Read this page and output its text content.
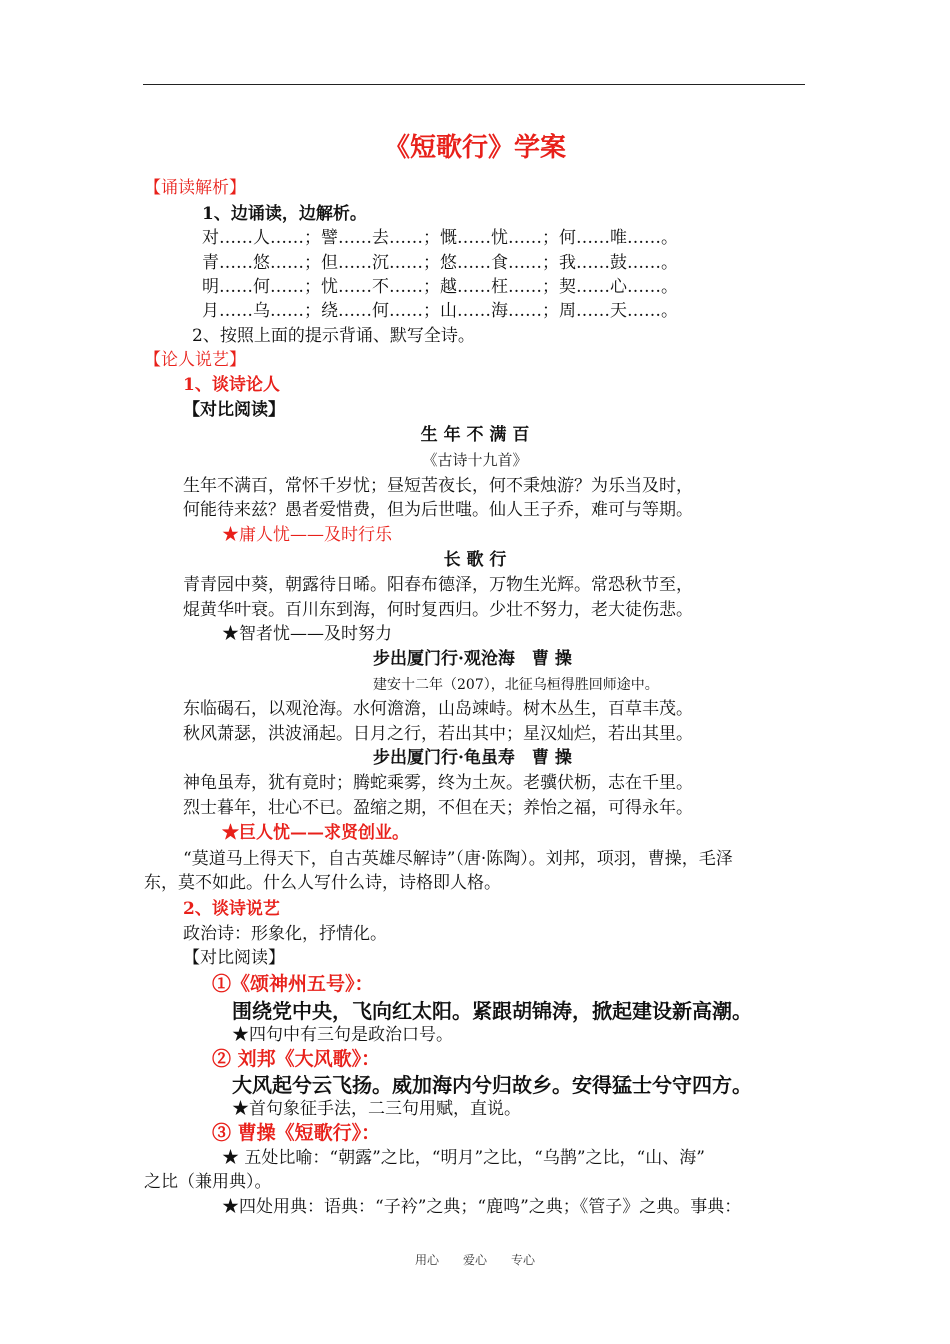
《短歌行》学案
【诵读解析】
1、边诵读，边解析。
对……人……；譬……去……；慨……忧……；何……唯……。
青……悠……；但……沉……；悠……食……；我……鼓……。
明……何……；忧……不……；越……枉……；契……心……。
月……乌……；绕……何……；山……海……；周……天……。
2、按照上面的提示背诵、默写全诗。
【论人说艺】
1、谈诗论人
【对比阅读】
生 年 不 满 百
《古诗十九首》
生年不满百，常怀千岁忧；昼短苦夜长，何不秉烛游？为乐当及时，
何能待来兹？愚者爱惜费，但为后世嗤。仙人王子乔，难可与等期。
★庸人忧——及时行乐
长 歌 行
青青园中葵，朝露待日晞。阳春布德泽，万物生光辉。常恐秋节至，
焜黄华叶衰。百川东到海，何时复西归。少壮不努力，老大徒伤悲。
★智者忧——及时努力
步出厦门行·观沧海　曹 操
建安十二年（207），北征乌桓得胜回师途中。
东临碣石，以观沧海。水何澹澹，山岛竦峙。树木丛生，百草丰茂。
秋风萧瑟，洪波涌起。日月之行，若出其中；星汉灿烂，若出其里。
步出厦门行·龟虽寿　曹 操
神龟虽寿，犹有竟时；腾蛇乘雾，终为土灰。老骥伏枥，志在千里。
烈士暮年，壮心不已。盈缩之期，不但在天；养怡之福，可得永年。
★巨人忧——求贤创业。
“莫道马上得天下，自古英雄尽解诗”（唐·陈陶）。刘邦，项羽，曹操，毛泽
东，莫不如此。什么人写什么诗，诗格即人格。
2、谈诗说艺
政治诗：形象化，抒情化。
【对比阅读】
①《颂神州五号》：
围绕党中央，飞向红太阳。紧跟胡锦涛，掀起建设新高潮。
★四句中有三句是政治口号。
② 刘邦《大风歌》：
大风起兮云飞扬。威加海内兮归故乡。安得猛士兮守四方。
★首句象征手法，二三句用赋，直说。
③ 曹操《短歌行》：
★ 五处比喻：“朝露”之比，“明月”之比，“乌鹊”之比，“山、海”
之比（兼用典）。
★四处用典：语典：“子衿”之典；“鹿鸣”之典；《管子》之典。事典：
用心　　爱心　　专心
